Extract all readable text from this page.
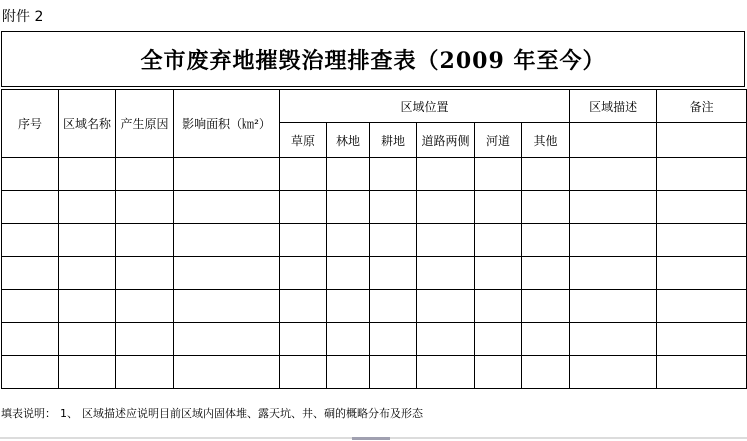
附件 2
全市废弃地摧毁治理排查表（2009 年至今）
序号	区域名称	产生原因	影响面积（㎞²）	区域位置						区域描述	备注
				草原	林地	耕地	道路两侧	河道	其他		

填表说明： 1、 区域描述应说明目前区域内固体堆、露天坑、井、硐的概略分布及形态
